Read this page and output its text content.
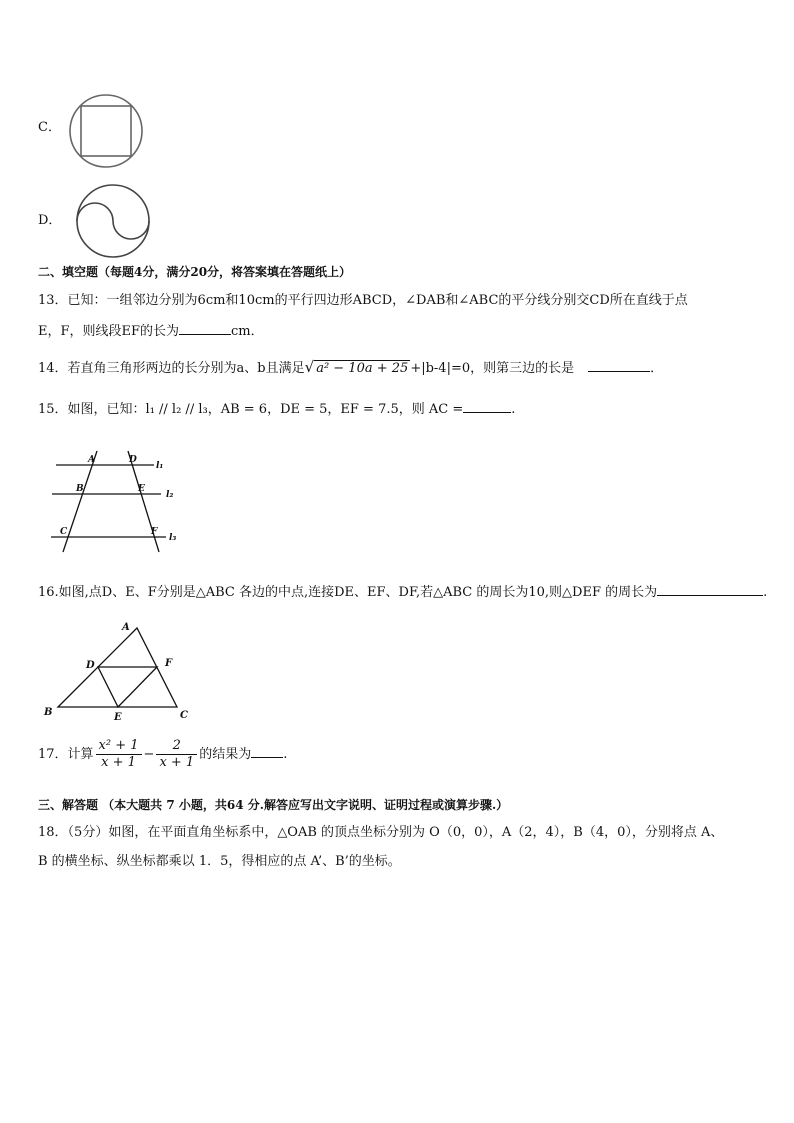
C．
D．
二、填空题（每题4分，满分20分，将答案填在答题纸上）
13．已知：一组邻边分别为6cm和10cm的平行四边形ABCD，∠DAB和∠ABC的平分线分别交CD所在直线于点
E，F，则线段EF的长为	cm．
14．若直角三角形两边的长分别为a、b且满足√ a² − 10a + 25 +|b-4|=0，则第三边的长是	．
15．如图，已知：l₁ // l₂ // l₃，AB = 6，DE = 5，EF = 7.5，则 AC =	.
A	D
B	E
C	F
l₁
l₂
l₃
16.如图,点D、E、F分别是△ABC 各边的中点,连接DE、EF、DF,若△ABC 的周长为10,则△DEF 的周长为	.
A
D	F
B	E	C
17．计算 $\frac{\text{x² + 1}}{x + 1} - \frac{2}{x + 1}$ 的结果为 .
三、解答题 （本大题共 7 小题，共64 分.解答应写出文字说明、证明过程或演算步骤.）
18．（5分）如图，在平面直角坐标系中，△OAB 的顶点坐标分别为 O（0，0），A（2，4），B（4，0），分别将点 A、
B 的横坐标、纵坐标都乘以 1．5，得相应的点 A’、B’的坐标。
